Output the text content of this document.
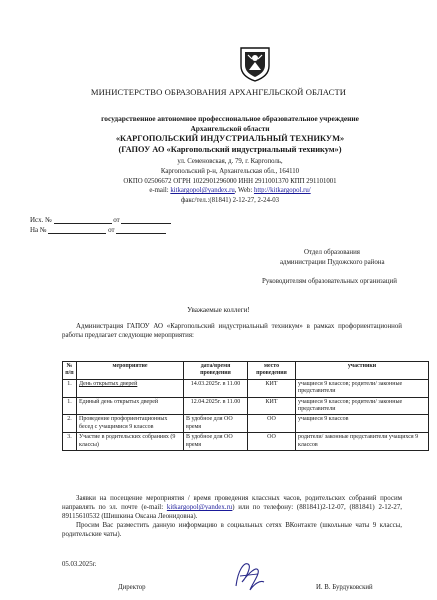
МИНИСТЕРСТВО ОБРАЗОВАНИЯ АРХАНГЕЛЬСКОЙ ОБЛАСТИ
государственное автономное профессиональное образовательное учреждение
Архангельской области
«КАРГОПОЛЬСКИЙ ИНДУСТРИАЛЬНЫЙ ТЕХНИКУМ»
(ГАПОУ АО «Каргопольский индустриальный техникум»)
ул. Семеновская, д. 79, г. Каргополь,
Каргопольский р-н, Архангельская обл., 164110
ОКПО 02506672 ОГРН 1022901296000 ИНН 2911001370 КПП 291101001
e-mail: kitkargopol@yandex.ru, Web: http://kitkargopol.ru/
факс/тел.:(81841) 2-12-27, 2-24-03
Исх. №	от
На №	от
Отдел образования
администрации Пудожского района
Руководителям образовательных организаций
Уважаемые коллеги!
Администрация ГАПОУ АО «Каргопольский индустриальный техникум» в рамках профориентационной работы предлагает следующие мероприятия:
№ п/п	мероприятие	дата/время проведения	место проведения	участники
1.	День открытых дверей	14.03.2025г. в 11.00	КИТ	учащиеся 9 классов; родители/ законные представители
1.	Единый день открытых дверей	12.04.2025г. в 11.00	КИТ	учащиеся 9 классов; родители/ законные представители
2.	Проведение профориентационных бесед с учащимися 9 классов	В удобное для ОО время	ОО	учащиеся 9 классов
3.	Участие в родительских собраниях (9 классы)	В удобное для ОО время	ОО	родители/ законные представители учащихся 9 классов
Заявки на посещение мероприятия / время проведения классных часов, родительских собраний просим направлять по эл. почте (e-mail: kitkargopol@yandex.ru) или по телефону: (881841)2-12-07, (881841) 2-12-27, 89115610532 (Шишкина Оксана Леонидовна).
Просим Вас разместить данную информацию в социальных сетях ВКонтакте (школьные чаты 9 классы, родительские чаты).
05.03.2025г.
Директор	И. В. Бурдуковский
